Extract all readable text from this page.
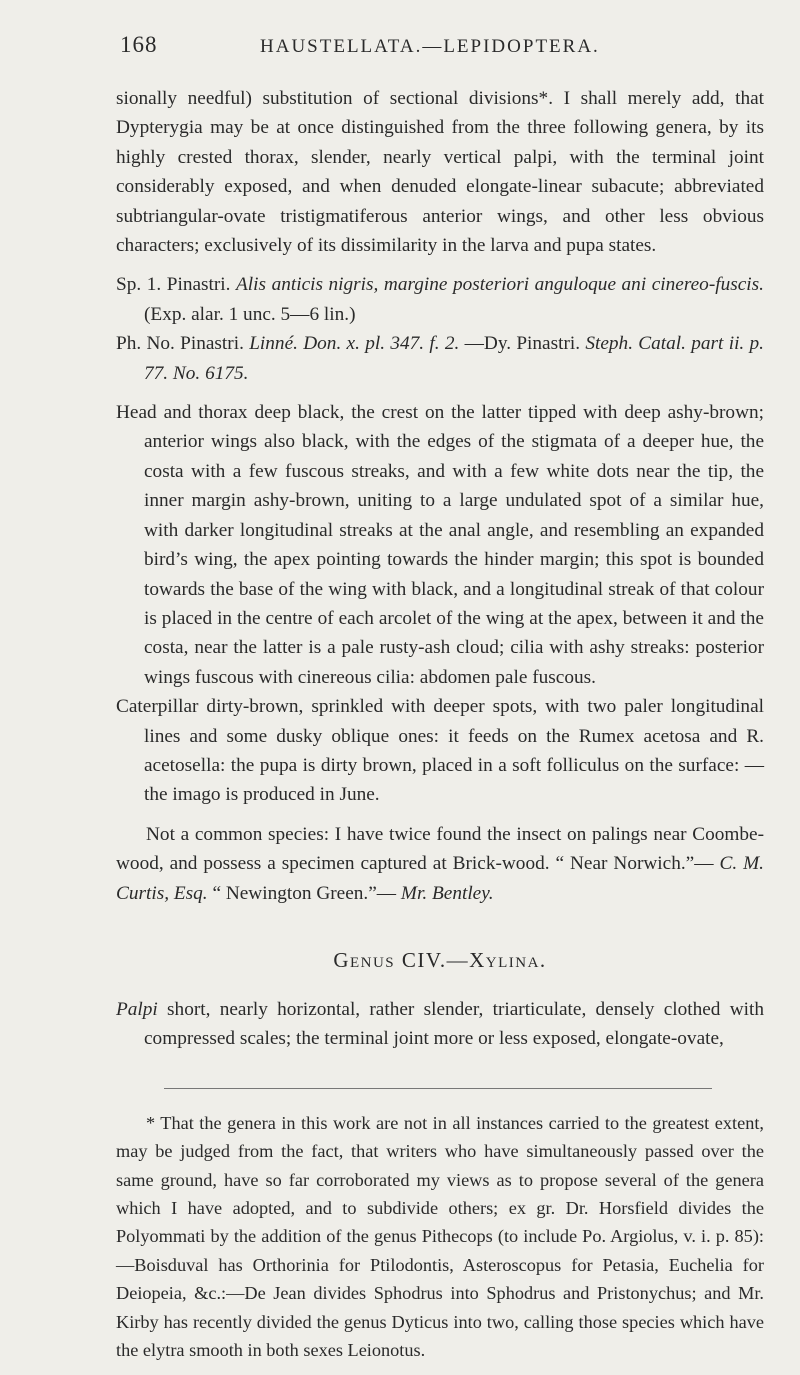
168	HAUSTELLATA.—LEPIDOPTERA.

sionally needful) substitution of sectional divisions*. I shall merely add, that Dypterygia may be at once distinguished from the three following genera, by its highly crested thorax, slender, nearly vertical palpi, with the terminal joint considerably exposed, and when denuded elongate-linear subacute; abbreviated subtriangular-ovate tristigmatiferous anterior wings, and other less obvious characters; exclusively of its dissimilarity in the larva and pupa states.

Sp. 1. Pinastri. Alis anticis nigris, margine posteriori anguloque ani cinereo-fuscis. (Exp. alar. 1 unc. 5—6 lin.)

Ph. No. Pinastri. Linné. Don. x. pl. 347. f. 2. —Dy. Pinastri. Steph. Catal. part ii. p. 77. No. 6175.

Head and thorax deep black, the crest on the latter tipped with deep ashy-brown; anterior wings also black, with the edges of the stigmata of a deeper hue, the costa with a few fuscous streaks, and with a few white dots near the tip, the inner margin ashy-brown, uniting to a large undulated spot of a similar hue, with darker longitudinal streaks at the anal angle, and resembling an expanded bird’s wing, the apex pointing towards the hinder margin; this spot is bounded towards the base of the wing with black, and a longitudinal streak of that colour is placed in the centre of each arcolet of the wing at the apex, between it and the costa, near the latter is a pale rusty-ash cloud; cilia with ashy streaks: posterior wings fuscous with cinereous cilia: abdomen pale fuscous.

Caterpillar dirty-brown, sprinkled with deeper spots, with two paler longitudinal lines and some dusky oblique ones: it feeds on the Rumex acetosa and R. acetosella: the pupa is dirty brown, placed in a soft folliculus on the surface: —the imago is produced in June.

Not a common species: I have twice found the insect on palings near Coombe-wood, and possess a specimen captured at Brick-wood. “ Near Norwich.”— C. M. Curtis, Esq. “ Newington Green.”— Mr. Bentley.

Genus CIV.—Xylina.

Palpi short, nearly horizontal, rather slender, triarticulate, densely clothed with compressed scales; the terminal joint more or less exposed, elongate-ovate,

* That the genera in this work are not in all instances carried to the greatest extent, may be judged from the fact, that writers who have simultaneously passed over the same ground, have so far corroborated my views as to propose several of the genera which I have adopted, and to subdivide others; ex gr. Dr. Horsfield divides the Polyommati by the addition of the genus Pithecops (to include Po. Argiolus, v. i. p. 85):—Boisduval has Orthorinia for Ptilodontis, Asteroscopus for Petasia, Euchelia for Deiopeia, &c.:—De Jean divides Sphodrus into Sphodrus and Pristonychus; and Mr. Kirby has recently divided the genus Dyticus into two, calling those species which have the elytra smooth in both sexes Leionotus.
